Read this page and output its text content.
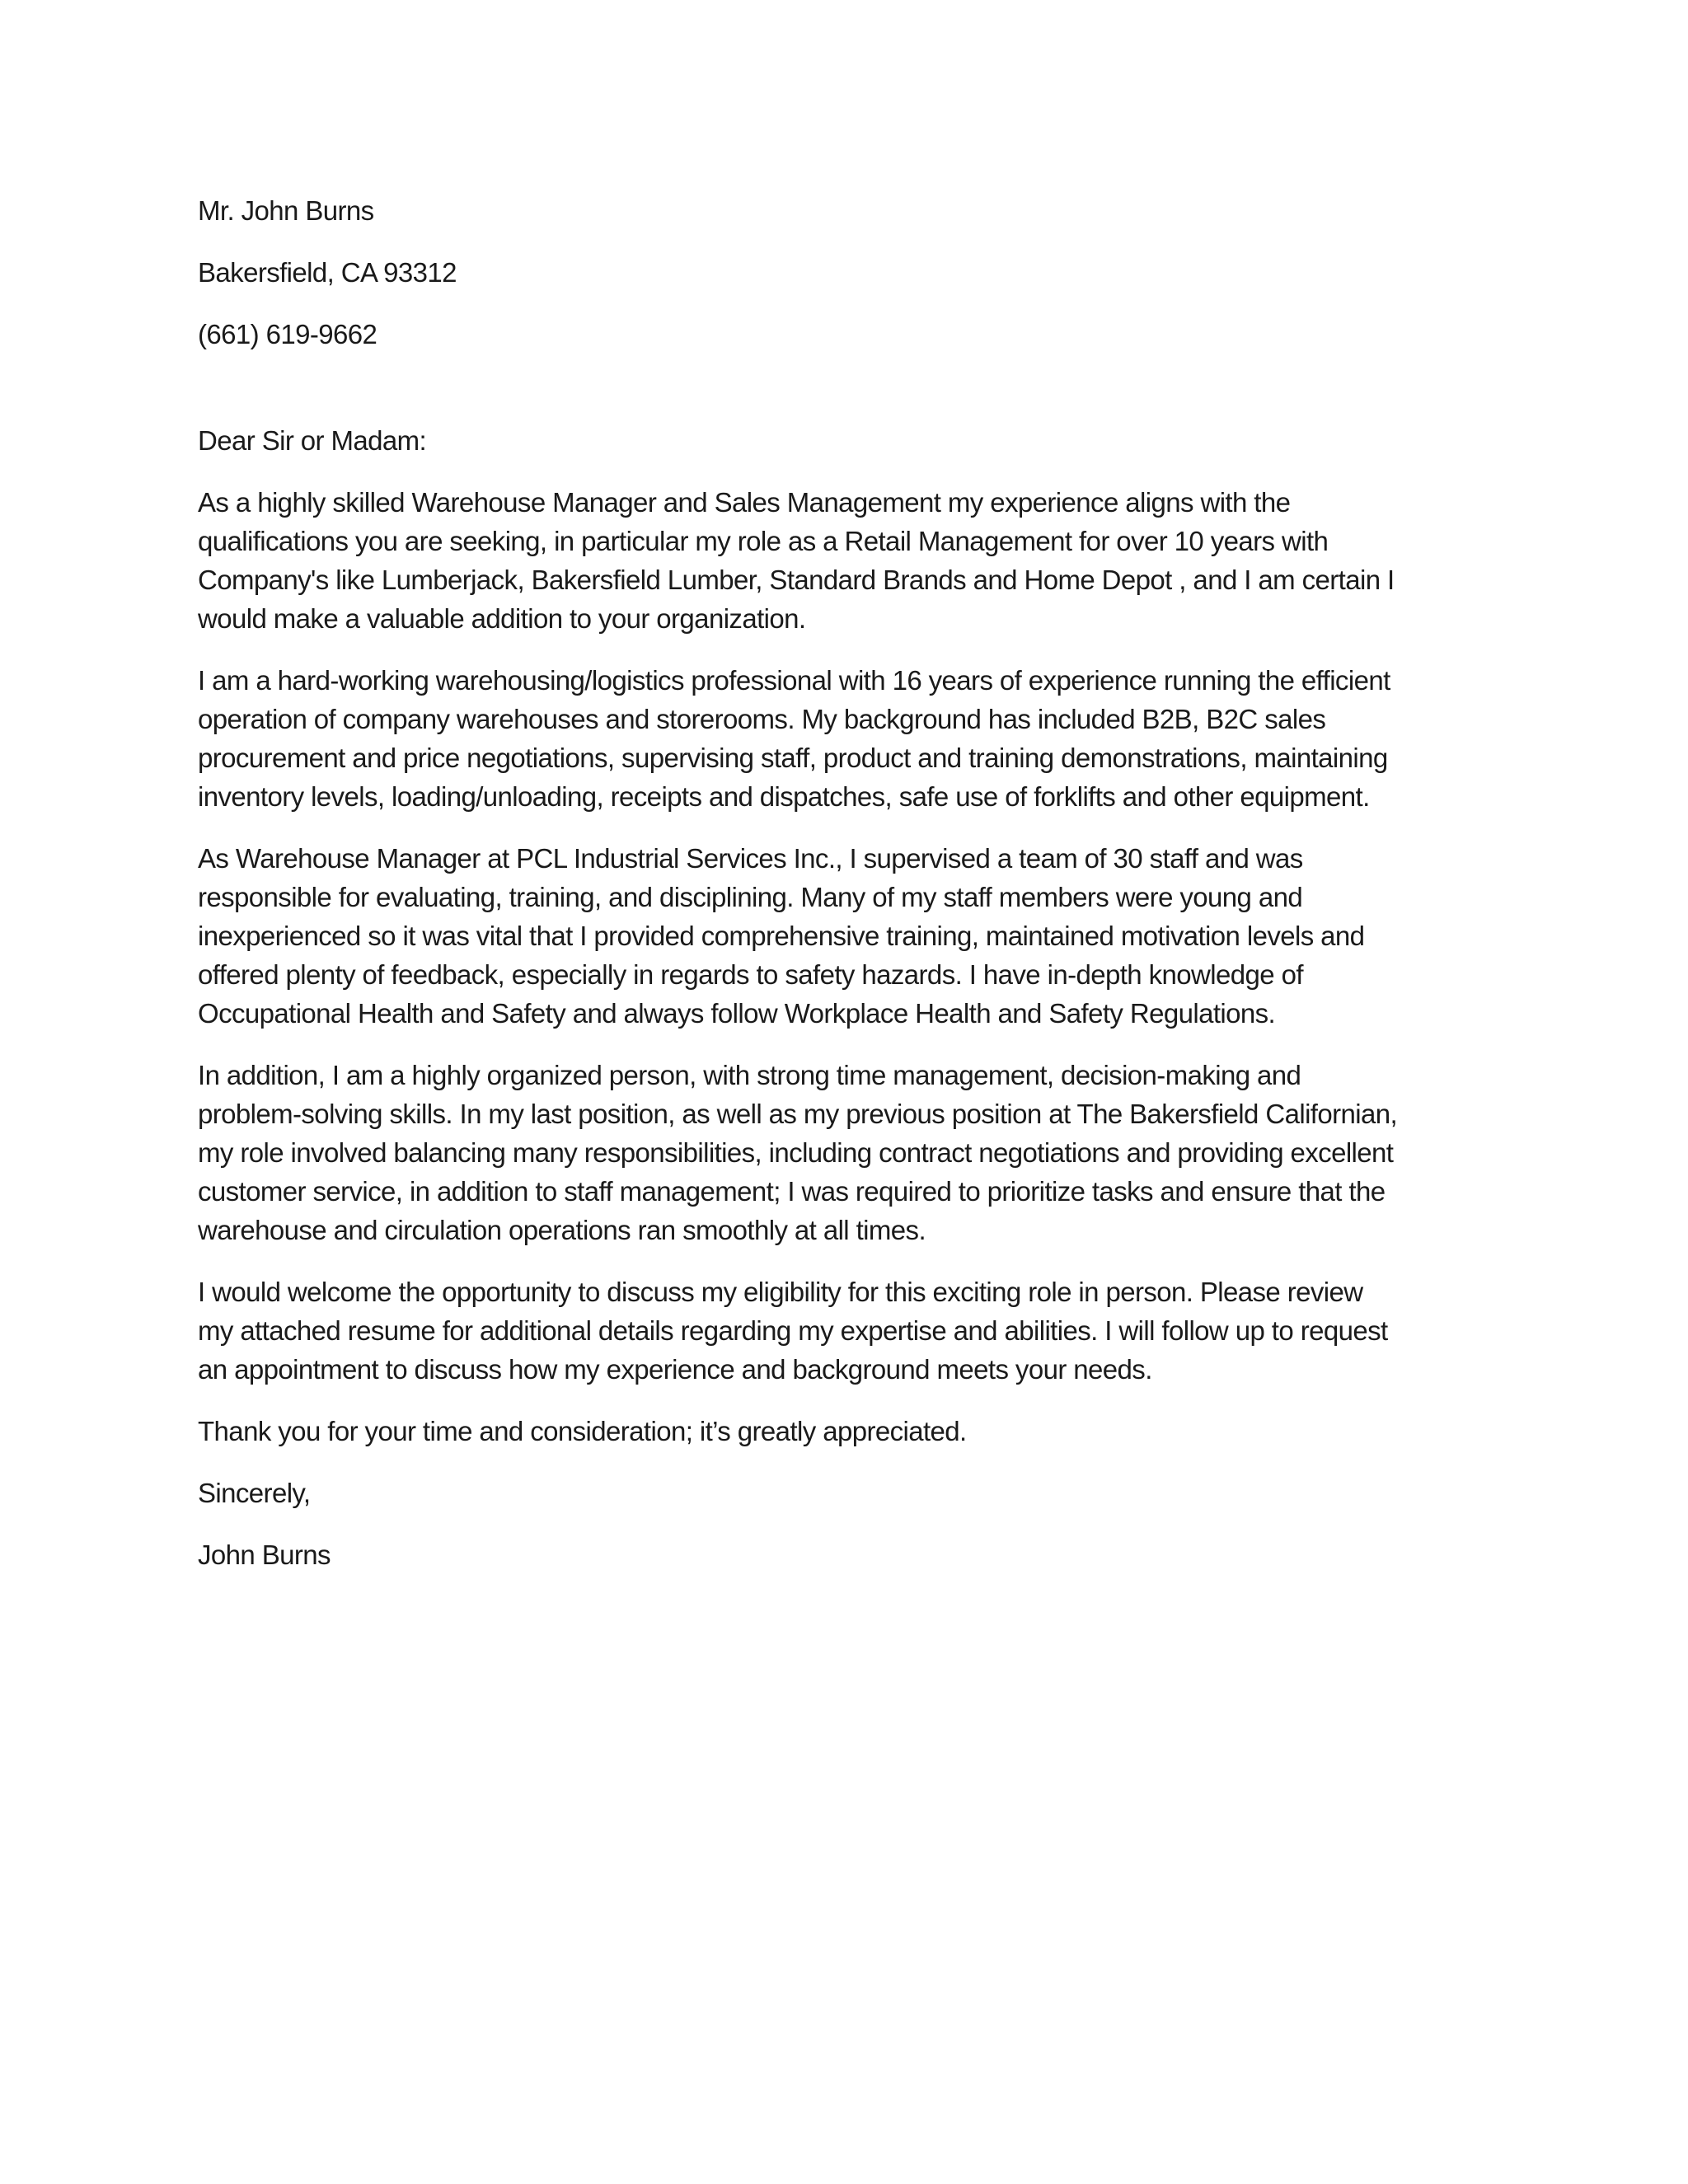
Mr. John Burns
Bakersfield, CA 93312
(661) 619-9662
Dear Sir or Madam:
As a highly skilled Warehouse Manager and Sales Management my experience aligns with the
qualifications you are seeking, in particular my role as a Retail Management for over 10 years with
Company's like Lumberjack, Bakersfield Lumber, Standard Brands and Home Depot , and I am certain I
would make a valuable addition to your organization.
I am a hard-working warehousing/logistics professional with 16 years of experience running the efficient
operation of company warehouses and storerooms. My background has included B2B, B2C sales
procurement and price negotiations, supervising staff, product and training demonstrations, maintaining
inventory levels, loading/unloading, receipts and dispatches, safe use of forklifts and other equipment.
As Warehouse Manager at PCL Industrial Services Inc., I supervised a team of 30 staff and was
responsible for evaluating, training, and disciplining. Many of my staff members were young and
inexperienced so it was vital that I provided comprehensive training, maintained motivation levels and
offered plenty of feedback, especially in regards to safety hazards. I have in-depth knowledge of
Occupational Health and Safety and always follow Workplace Health and Safety Regulations.
In addition, I am a highly organized person, with strong time management, decision-making and
problem-solving skills. In my last position, as well as my previous position at The Bakersfield Californian,
my role involved balancing many responsibilities, including contract negotiations and providing excellent
customer service, in addition to staff management; I was required to prioritize tasks and ensure that the
warehouse and circulation operations ran smoothly at all times.
I would welcome the opportunity to discuss my eligibility for this exciting role in person. Please review
my attached resume for additional details regarding my expertise and abilities. I will follow up to request
an appointment to discuss how my experience and background meets your needs.
Thank you for your time and consideration; it’s greatly appreciated.
Sincerely,
John Burns
